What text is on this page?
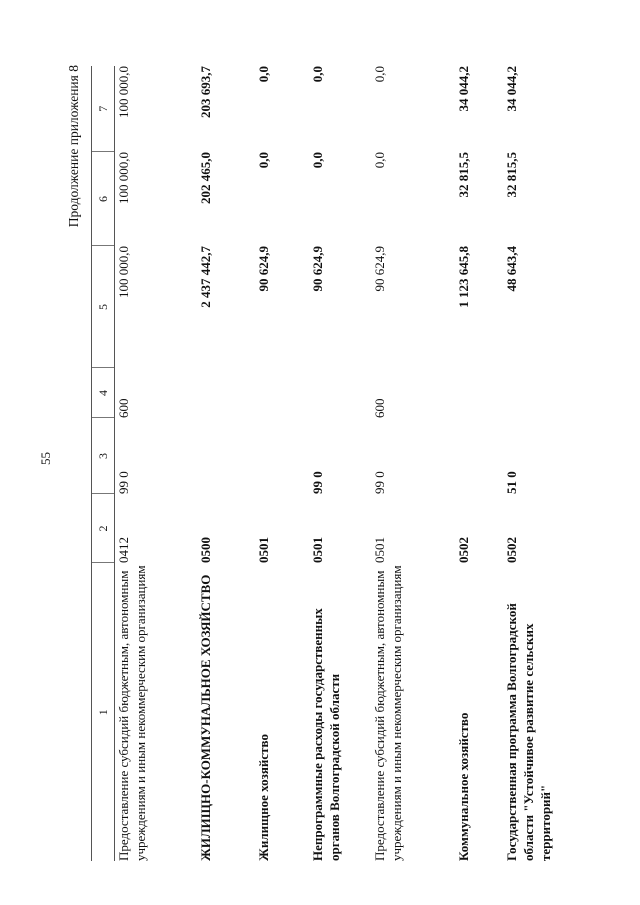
55
Продолжение приложения 8
1	2	3	4	5	6	7
Предоставление субсидий бюджетным, автономным учреждениям и иным некоммерческим организациям	0412	99 0	600	100 000,0	100 000,0	100 000,0
ЖИЛИЩНО-КОММУНАЛЬНОЕ ХОЗЯЙСТВО	0500			2 437 442,7	202 465,0	203 693,7
Жилищное хозяйство	0501			90 624,9	0,0	0,0
Непрограммные расходы государственных органов Волгоградской области	0501	99 0		90 624,9	0,0	0,0
Предоставление субсидий бюджетным, автономным учреждениям и иным некоммерческим организациям	0501	99 0	600	90 624,9	0,0	0,0
Коммунальное хозяйство	0502			1 123 645,8	32 815,5	34 044,2
Государственная программа Волгоградской области "Устойчивое развитие сельских территорий"	0502	51 0		48 643,4	32 815,5	34 044,2
